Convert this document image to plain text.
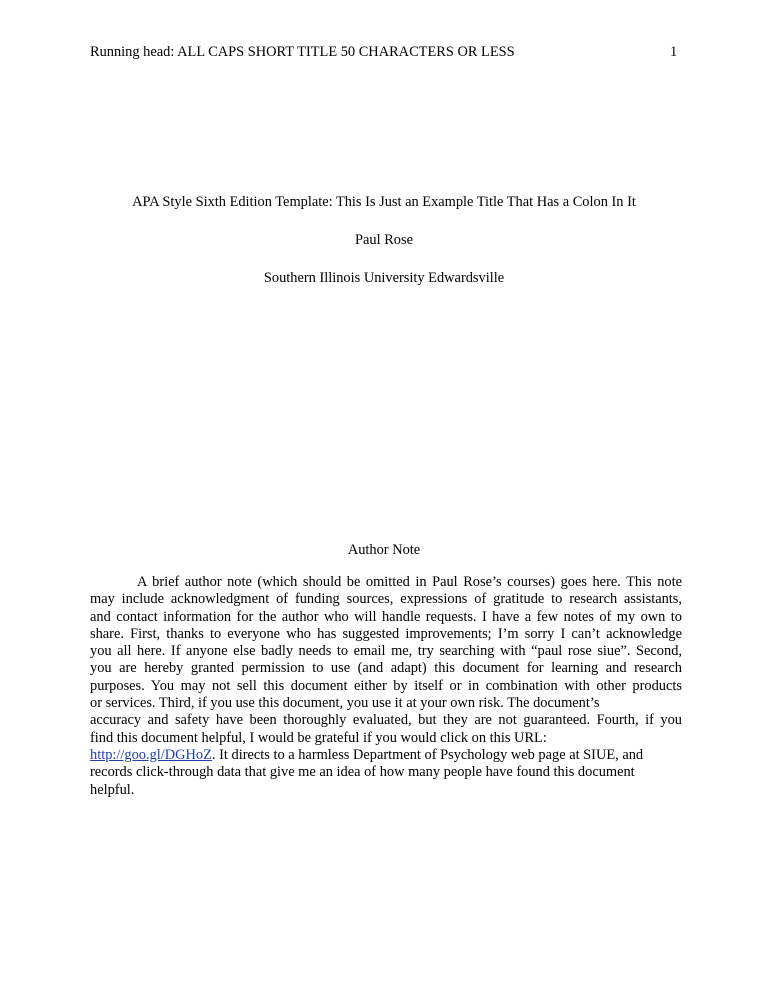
Running head: ALL CAPS SHORT TITLE 50 CHARACTERS OR LESS	1
APA Style Sixth Edition Template: This Is Just an Example Title That Has a Colon In It
Paul Rose
Southern Illinois University Edwardsville
Author Note
A brief author note (which should be omitted in Paul Rose’s courses) goes here. This note
may include acknowledgment of funding sources, expressions of gratitude to research assistants,
and contact information for the author who will handle requests. I have a few notes of my own to
share. First, thanks to everyone who has suggested improvements; I’m sorry I can’t acknowledge
you all here. If anyone else badly needs to email me, try searching with “paul rose siue”. Second,
you are hereby granted permission to use (and adapt) this document for learning and research
purposes. You may not sell this document either by itself or in combination with other products
or services. Third, if you use this document, you use it at your own risk. The document’s
accuracy and safety have been thoroughly evaluated, but they are not guaranteed. Fourth, if you
find this document helpful, I would be grateful if you would click on this URL:
http://goo.gl/DGHoZ. It directs to a harmless Department of Psychology web page at SIUE, and
records click-through data that give me an idea of how many people have found this document
helpful.
